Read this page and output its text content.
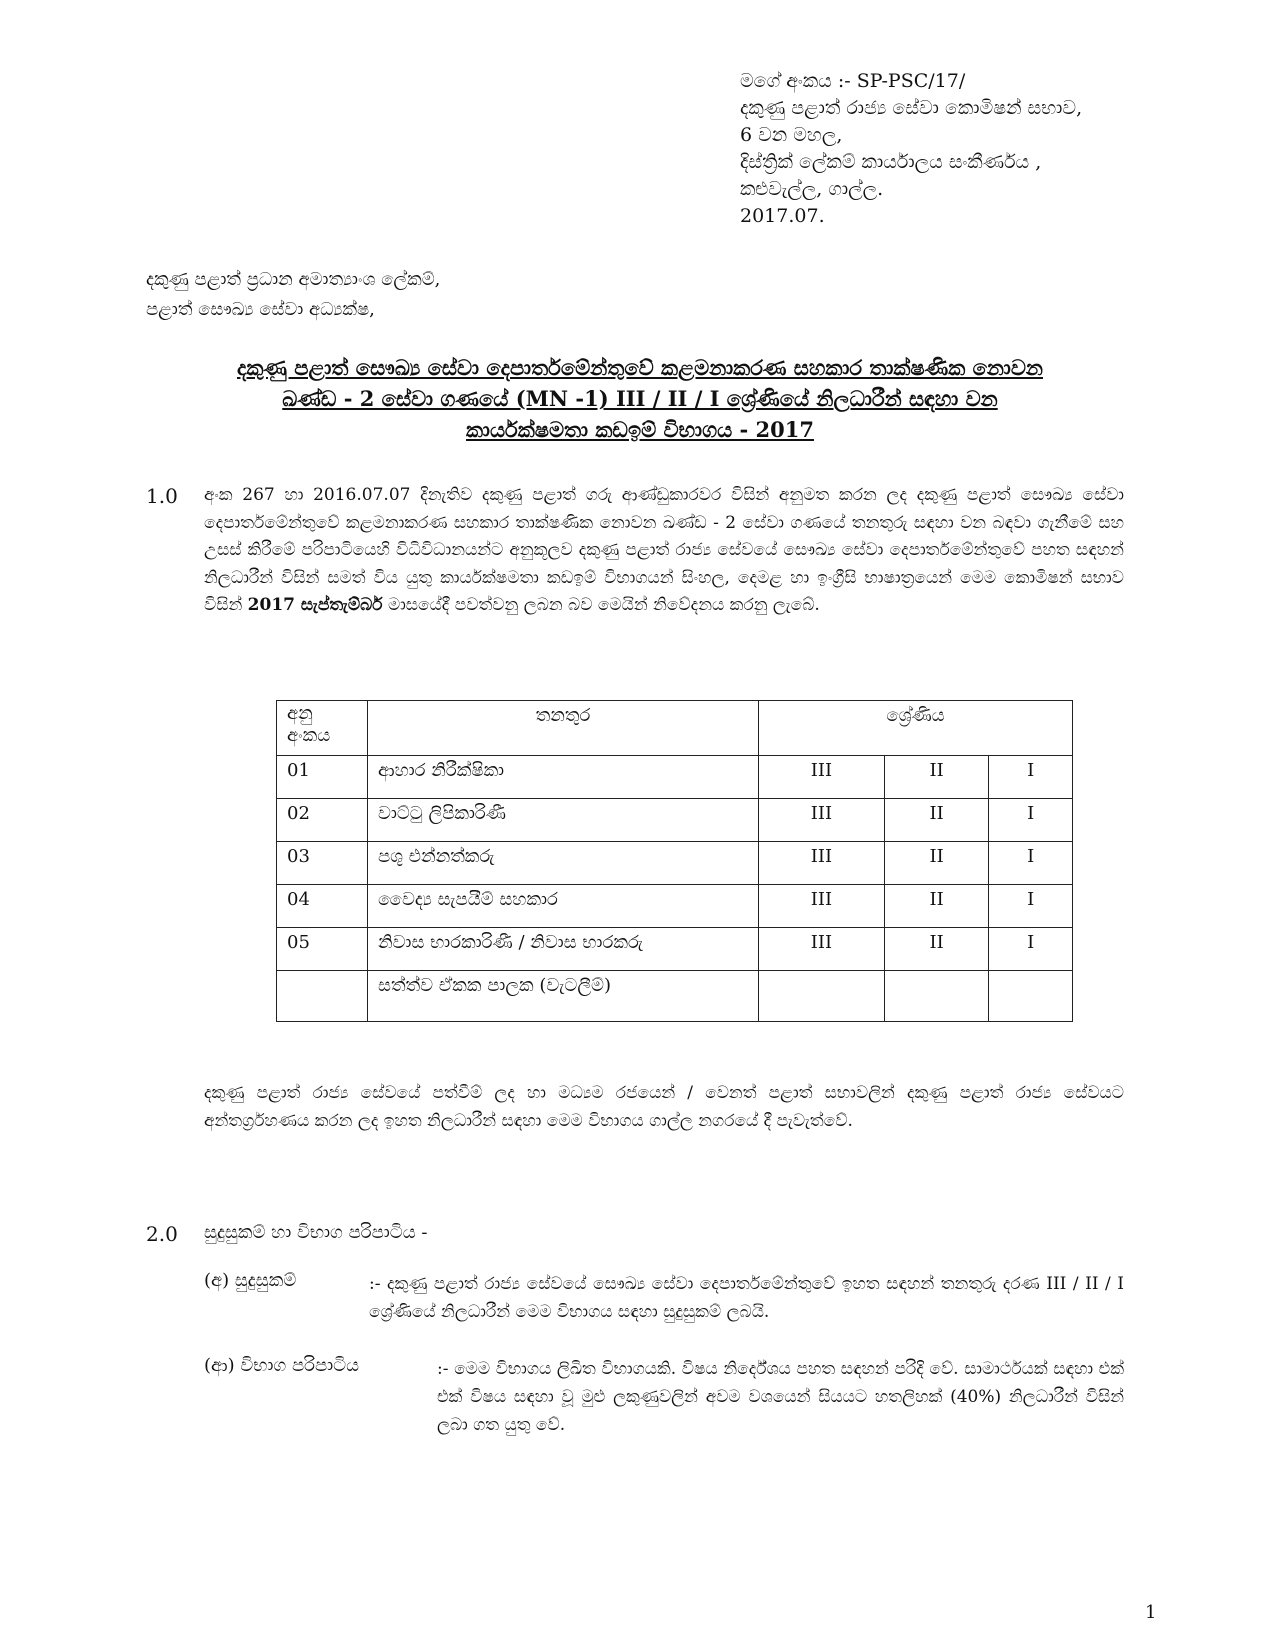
මගේ අංකය :- SP-PSC/17/
දකුණු පළාත් රාජ්‍ය සේවා කොමිෂන් සභාව,
6 වන මහල,
දිස්ත්‍රික් ලේකම් කාර්යාලය සංකීර්ණය ,
කළුවැල්ල, ගාල්ල.
2017.07.
දකුණු පළාත් ප්‍රධාන අමාත්‍යාංශ ලේකම්,
පළාත් සෞඛ්‍ය සේවා අධ්‍යක්ෂ,
දකුණු පළාත් සෞඛ්‍ය සේවා දෙපාර්තමේන්තුවේ කළමනාකරණ සහකාර තාක්ෂණික නොවන
ඛණ්ඩ - 2 සේවා ගණයේ (MN -1) III / II / I ශ්‍රේණියේ නිලධාරීන් සඳහා වන
කාර්යක්ෂමතා කඩඉම් විභාගය - 2017
1.0 අංක 267 හා 2016.07.07 දිනැතිව දකුණු පළාත් ගරු ආණ්ඩුකාරවර විසින් අනුමත කරන ලද දකුණු පළාත් සෞඛ්‍ය සේවා දෙපාර්තමේන්තුවේ කළමනාකරණ සහකාර තාක්ෂණික නොවන ඛණ්ඩ - 2 සේවා ගණයේ තනතුරු සඳහා වන බඳවා ගැනීමේ සහ උසස් කිරීමේ පරිපාටියෙහි විධිවිධානයන්ට අනුකූලව දකුණු පළාත් රාජ්‍ය සේවයේ සෞඛ්‍ය සේවා දෙපාර්තමේන්තුවේ පහත සඳහන් නිලධාරීන් විසින් සමත් විය යුතු කාර්යක්ෂමතා කඩඉම් විභාගයන් සිංහල, දෙමළ හා ඉංග්‍රීසි භාෂාත්‍රයෙන් මෙම කොමිෂන් සභාව විසින් 2017 සැප්තැම්බර් මාසයේදී පවත්වනු ලබන බව මෙයින් නිවේදනය කරනු ලැබේ.
අනු
අංකය	තනතුර	ශ්‍රේණිය		
01	ආහාර නිරීක්ෂිකා	III	II	I
02	වාට්ටු ලිපිකාරිණී	III	II	I
03	පශු එන්නත්කරු	III	II	I
04	වෛද්‍ය සැපයීම් සහකාර	III	II	I
05	නිවාස භාරකාරිණී / නිවාස භාරකරු	III	II	I
	සත්ත්ව ඒකක පාලක (වැටලීම්)			
දකුණු පළාත් රාජ්‍ය සේවයේ පත්වීම් ලද හා මධ්‍යම රජයෙන් / වෙනත් පළාත් සභාවලින් දකුණු පළාත් රාජ්‍ය සේවයට අන්තර්ග්‍රහණය කරන ලද ඉහත නිලධාරීන් සඳහා මෙම විභාගය ගාල්ල නගරයේ දී පැවැත්වේ.
2.0 සුදුසුකම් හා විභාග පරිපාටිය -
(අ) සුදුසුකම්	:- දකුණු පළාත් රාජ්‍ය සේවයේ සෞඛ්‍ය සේවා දෙපාර්තමේන්තුවේ ඉහත සඳහන් තනතුරු දරණ III / II / I ශ්‍රේණියේ නිලධාරීන් මෙම විභාගය සඳහා සුදුසුකම් ලබයි.
(ආ) විභාග පරිපාටිය	:- මෙම විභාගය ලිඛිත විභාගයකි. විෂය නිර්දේශය පහත සඳහන් පරිදි වේ. සාමාර්ථයක් සඳහා එක් එක් විෂය සඳහා වූ මුළු ලකුණුවලින් අවම වශයෙන් සියයට හතලිහක් (40%) නිලධාරීන් විසින් ලබා ගත යුතු වේ.
1
